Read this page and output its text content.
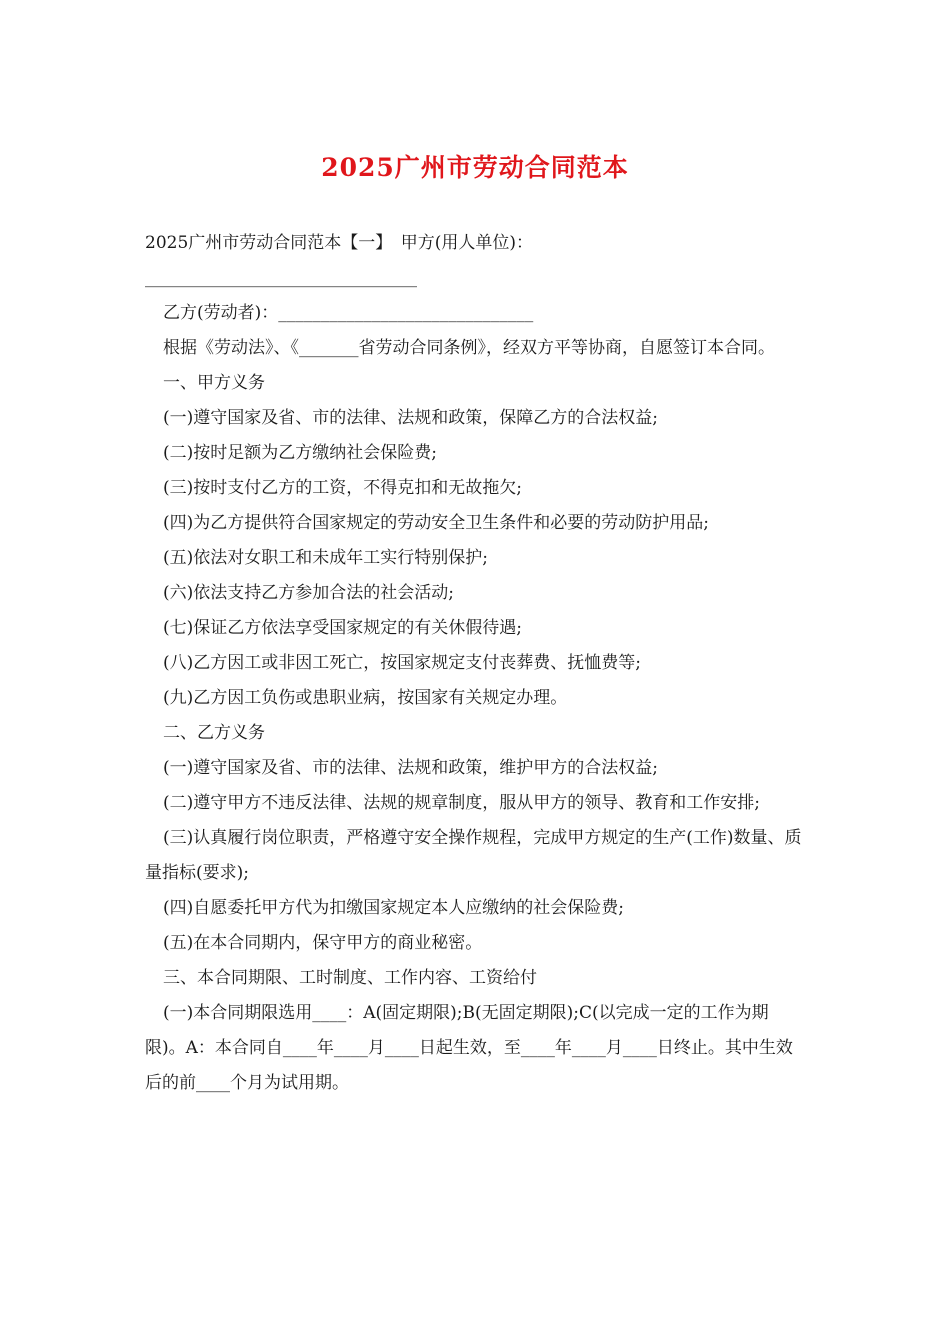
2025广州市劳动合同范本

2025广州市劳动合同范本【一】　甲方(用人单位)：________________________________

乙方(劳动者)：______________________________

根据《劳动法》、《_______省劳动合同条例》，经双方平等协商，自愿签订本合同。

一、甲方义务

(一)遵守国家及省、市的法律、法规和政策，保障乙方的合法权益;

(二)按时足额为乙方缴纳社会保险费;

(三)按时支付乙方的工资，不得克扣和无故拖欠;

(四)为乙方提供符合国家规定的劳动安全卫生条件和必要的劳动防护用品;

(五)依法对女职工和未成年工实行特别保护;

(六)依法支持乙方参加合法的社会活动;

(七)保证乙方依法享受国家规定的有关休假待遇;

(八)乙方因工或非因工死亡，按国家规定支付丧葬费、抚恤费等;

(九)乙方因工负伤或患职业病，按国家有关规定办理。

二、乙方义务

(一)遵守国家及省、市的法律、法规和政策，维护甲方的合法权益;

(二)遵守甲方不违反法律、法规的规章制度，服从甲方的领导、教育和工作安排;

(三)认真履行岗位职责，严格遵守安全操作规程，完成甲方规定的生产(工作)数量、质量指标(要求);

(四)自愿委托甲方代为扣缴国家规定本人应缴纳的社会保险费;

(五)在本合同期内，保守甲方的商业秘密。

三、本合同期限、工时制度、工作内容、工资给付

(一)本合同期限选用____：A(固定期限);B(无固定期限);C(以完成一定的工作为期限)。A：本合同自____年____月____日起生效，至____年____月____日终止。其中生效后的前____个月为试用期。
